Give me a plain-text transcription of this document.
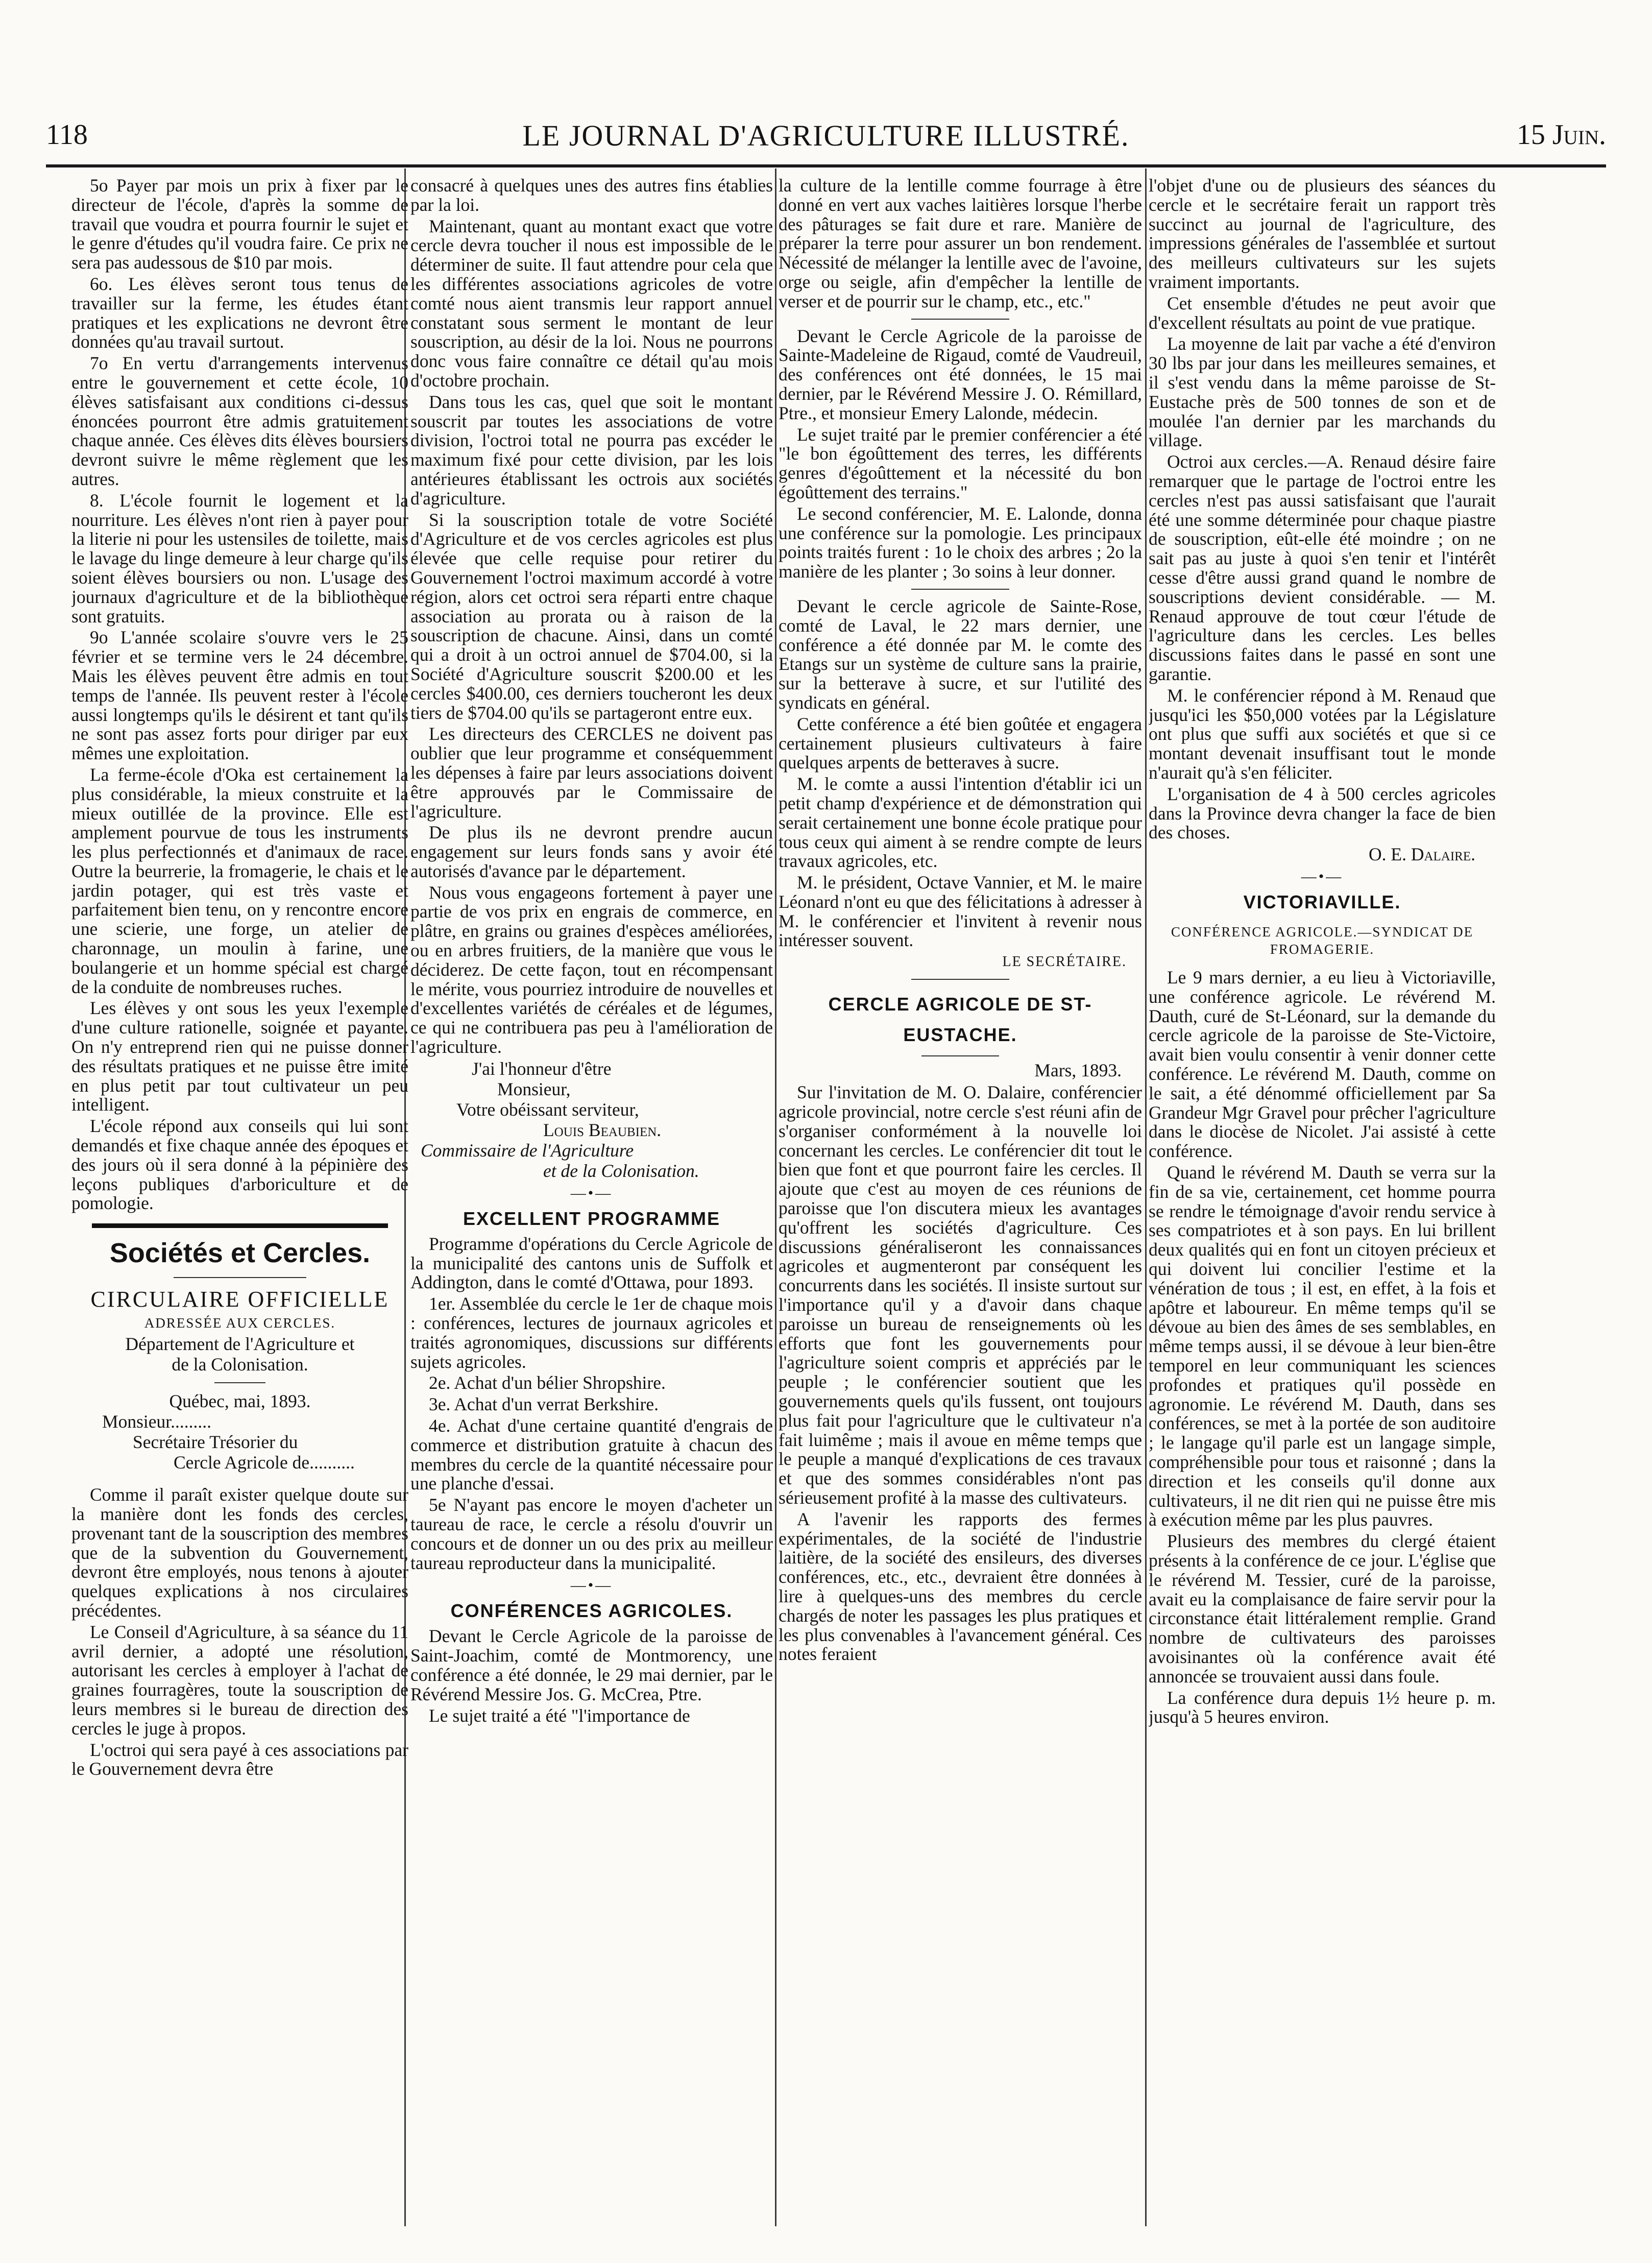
118	LE JOURNAL D'AGRICULTURE ILLUSTRÉ.	15 Juin.

5o Payer par mois un prix à fixer par le directeur de l'école, d'après la somme de travail que voudra et pourra fournir le sujet et le genre d'études qu'il voudra faire. Ce prix ne sera pas audessous de $10 par mois.

6o. Les élèves seront tous tenus de travailler sur la ferme, les études étant pratiques et les explications ne devront être données qu'au travail surtout.

7o En vertu d'arrangements intervenus entre le gouvernement et cette école, 10 élèves satisfaisant aux conditions ci-dessus énoncées pourront être admis gratuitement chaque année. Ces élèves dits élèves boursiers devront suivre le même règlement que les autres.

8. L'école fournit le logement et la nourriture. Les élèves n'ont rien à payer pour la literie ni pour les ustensiles de toilette, mais le lavage du linge demeure à leur charge qu'ils soient élèves boursiers ou non. L'usage des journaux d'agriculture et de la bibliothèque sont gratuits.

9o L'année scolaire s'ouvre vers le 25 février et se termine vers le 24 décembre. Mais les élèves peuvent être admis en tout temps de l'année. Ils peuvent rester à l'école aussi longtemps qu'ils le désirent et tant qu'ils ne sont pas assez forts pour diriger par eux mêmes une exploitation.

La ferme-école d'Oka est certainement la plus considérable, la mieux construite et la mieux outillée de la province. Elle est amplement pourvue de tous les instruments les plus perfectionnés et d'animaux de race. Outre la beurrerie, la fromagerie, le chais et le jardin potager, qui est très vaste et parfaitement bien tenu, on y rencontre encore une scierie, une forge, un atelier de charonnage, un moulin à farine, une boulangerie et un homme spécial est chargé de la conduite de nombreuses ruches.

Les élèves y ont sous les yeux l'exemple d'une culture rationelle, soignée et payante. On n'y entreprend rien qui ne puisse donner des résultats pratiques et ne puisse être imité en plus petit par tout cultivateur un peu intelligent.

L'école répond aux conseils qui lui sont demandés et fixe chaque année des époques et des jours où il sera donné à la pépinière des leçons publiques d'arboriculture et de pomologie.

Sociétés et Cercles.
CIRCULAIRE OFFICIELLE
ADRESSÉE AUX CERCLES.
Département de l'Agriculture et
de la Colonisation.
Québec, mai, 1893.
Monsieur.........
Secrétaire Trésorier du
Cercle Agricole de..........

Comme il paraît exister quelque doute sur la manière dont les fonds des cercles, provenant tant de la souscription des membres que de la subvention du Gouvernement, devront être employés, nous tenons à ajouter quelques explications à nos circulaires précédentes.

Le Conseil d'Agriculture, à sa séance du 11 avril dernier, a adopté une résolution, autorisant les cercles à employer à l'achat de graines fourragères, toute la souscription de leurs membres si le bureau de direction des cercles le juge à propos.

L'octroi qui sera payé à ces associations par le Gouvernement devra être

consacré à quelques unes des autres fins établies par la loi.

Maintenant, quant au montant exact que votre cercle devra toucher il nous est impossible de le déterminer de suite. Il faut attendre pour cela que les différentes associations agricoles de votre comté nous aient transmis leur rapport annuel constatant sous serment le montant de leur souscription, au désir de la loi. Nous ne pourrons donc vous faire connaître ce détail qu'au mois d'octobre prochain.

Dans tous les cas, quel que soit le montant souscrit par toutes les associations de votre division, l'octroi total ne pourra pas excéder le maximum fixé pour cette division, par les lois antérieures établissant les octrois aux sociétés d'agriculture.

Si la souscription totale de votre Société d'Agriculture et de vos cercles agricoles est plus élevée que celle requise pour retirer du Gouvernement l'octroi maximum accordé à votre région, alors cet octroi sera réparti entre chaque association au prorata ou à raison de la souscription de chacune. Ainsi, dans un comté qui a droit à un octroi annuel de $704.00, si la Société d'Agriculture souscrit $200.00 et les cercles $400.00, ces derniers toucheront les deux tiers de $704.00 qu'ils se partageront entre eux.

Les directeurs des CERCLES ne doivent pas oublier que leur programme et conséquemment les dépenses à faire par leurs associations doivent être approuvés par le Commissaire de l'agriculture.

De plus ils ne devront prendre aucun engagement sur leurs fonds sans y avoir été autorisés d'avance par le département.

Nous vous engageons fortement à payer une partie de vos prix en engrais de commerce, en plâtre, en grains ou graines d'espèces améliorées, ou en arbres fruitiers, de la manière que vous le déciderez. De cette façon, tout en récompensant le mérite, vous pourriez introduire de nouvelles et d'excellentes variétés de céréales et de légumes, ce qui ne contribuera pas peu à l'amélioration de l'agriculture.

J'ai l'honneur d'être
Monsieur,
Votre obéissant serviteur,
Louis Beaubien.
Commissaire de l'Agriculture
et de la Colonisation.
—•—
EXCELLENT PROGRAMME

Programme d'opérations du Cercle Agricole de la municipalité des cantons unis de Suffolk et Addington, dans le comté d'Ottawa, pour 1893.

1er. Assemblée du cercle le 1er de chaque mois : conférences, lectures de journaux agricoles et traités agronomiques, discussions sur différents sujets agricoles.

2e. Achat d'un bélier Shropshire.

3e. Achat d'un verrat Berkshire.

4e. Achat d'une certaine quantité d'engrais de commerce et distribution gratuite à chacun des membres du cercle de la quantité nécessaire pour une planche d'essai.

5e N'ayant pas encore le moyen d'acheter un taureau de race, le cercle a résolu d'ouvrir un concours et de donner un ou des prix au meilleur taureau reproducteur dans la municipalité.

—•—
CONFÉRENCES AGRICOLES.

Devant le Cercle Agricole de la paroisse de Saint-Joachim, comté de Montmorency, une conférence a été donnée, le 29 mai dernier, par le Révérend Messire Jos. G. McCrea, Ptre.

Le sujet traité a été "l'importance de

la culture de la lentille comme fourrage à être donné en vert aux vaches laitières lorsque l'herbe des pâturages se fait dure et rare. Manière de préparer la terre pour assurer un bon rendement. Nécessité de mélanger la lentille avec de l'avoine, orge ou seigle, afin d'empêcher la lentille de verser et de pourrir sur le champ, etc., etc."

Devant le Cercle Agricole de la paroisse de Sainte-Madeleine de Rigaud, comté de Vaudreuil, des conférences ont été données, le 15 mai dernier, par le Révérend Messire J. O. Rémillard, Ptre., et monsieur Emery Lalonde, médecin.

Le sujet traité par le premier conférencier a été "le bon égoûttement des terres, les différents genres d'égoûttement et la nécessité du bon égoûttement des terrains."

Le second conférencier, M. E. Lalonde, donna une conférence sur la pomologie. Les principaux points traités furent : 1o le choix des arbres ; 2o la manière de les planter ; 3o soins à leur donner.

Devant le cercle agricole de Sainte-Rose, comté de Laval, le 22 mars dernier, une conférence a été donnée par M. le comte des Etangs sur un système de culture sans la prairie, sur la betterave à sucre, et sur l'utilité des syndicats en général.

Cette conférence a été bien goûtée et engagera certainement plusieurs cultivateurs à faire quelques arpents de betteraves à sucre.

M. le comte a aussi l'intention d'établir ici un petit champ d'expérience et de démonstration qui serait certainement une bonne école pratique pour tous ceux qui aiment à se rendre compte de leurs travaux agricoles, etc.

M. le président, Octave Vannier, et M. le maire Léonard n'ont eu que des félicitations à adresser à M. le conférencier et l'invitent à revenir nous intéresser souvent.

LE SECRÉTAIRE.
CERCLE AGRICOLE DE ST-EUSTACHE.
Mars, 1893.

Sur l'invitation de M. O. Dalaire, conférencier agricole provincial, notre cercle s'est réuni afin de s'organiser conformément à la nouvelle loi concernant les cercles. Le conférencier dit tout le bien que font et que pourront faire les cercles. Il ajoute que c'est au moyen de ces réunions de paroisse que l'on discutera mieux les avantages qu'offrent les sociétés d'agriculture. Ces discussions généraliseront les connaissances agricoles et augmenteront par conséquent les concurrents dans les sociétés. Il insiste surtout sur l'importance qu'il y a d'avoir dans chaque paroisse un bureau de renseignements où les efforts que font les gouvernements pour l'agriculture soient compris et appréciés par le peuple ; le conférencier soutient que les gouvernements quels qu'ils fussent, ont toujours plus fait pour l'agriculture que le cultivateur n'a fait luimême ; mais il avoue en même temps que le peuple a manqué d'explications de ces travaux et que des sommes considérables n'ont pas sérieusement profité à la masse des cultivateurs.

A l'avenir les rapports des fermes expérimentales, de la société de l'industrie laitière, de la société des ensileurs, des diverses conférences, etc., etc., devraient être données à lire à quelques-uns des membres du cercle chargés de noter les passages les plus pratiques et les plus convenables à l'avancement général. Ces notes feraient

l'objet d'une ou de plusieurs des séances du cercle et le secrétaire ferait un rapport très succinct au journal de l'agriculture, des impressions générales de l'assemblée et surtout des meilleurs cultivateurs sur les sujets vraiment importants.

Cet ensemble d'études ne peut avoir que d'excellent résultats au point de vue pratique.

La moyenne de lait par vache a été d'environ 30 lbs par jour dans les meilleures semaines, et il s'est vendu dans la même paroisse de St-Eustache près de 500 tonnes de son et de moulée l'an dernier par les marchands du village.

Octroi aux cercles.—A. Renaud désire faire remarquer que le partage de l'octroi entre les cercles n'est pas aussi satisfaisant que l'aurait été une somme déterminée pour chaque piastre de souscription, eût-elle été moindre ; on ne sait pas au juste à quoi s'en tenir et l'intérêt cesse d'être aussi grand quand le nombre de souscriptions devient considérable. — M. Renaud approuve de tout cœur l'étude de l'agriculture dans les cercles. Les belles discussions faites dans le passé en sont une garantie.

M. le conférencier répond à M. Renaud que jusqu'ici les $50,000 votées par la Législature ont plus que suffi aux sociétés et que si ce montant devenait insuffisant tout le monde n'aurait qu'à s'en féliciter.

L'organisation de 4 à 500 cercles agricoles dans la Province devra changer la face de bien des choses.

O. E. Dalaire.
—•—
VICTORIAVILLE.
CONFÉRENCE AGRICOLE.—SYNDICAT DE FROMAGERIE.

Le 9 mars dernier, a eu lieu à Victoriaville, une conférence agricole. Le révérend M. Dauth, curé de St-Léonard, sur la demande du cercle agricole de la paroisse de Ste-Victoire, avait bien voulu consentir à venir donner cette conférence. Le révérend M. Dauth, comme on le sait, a été dénommé officiellement par Sa Grandeur Mgr Gravel pour prêcher l'agriculture dans le diocèse de Nicolet. J'ai assisté à cette conférence.

Quand le révérend M. Dauth se verra sur la fin de sa vie, certainement, cet homme pourra se rendre le témoignage d'avoir rendu service à ses compatriotes et à son pays. En lui brillent deux qualités qui en font un citoyen précieux et qui doivent lui concilier l'estime et la vénération de tous ; il est, en effet, à la fois et apôtre et laboureur. En même temps qu'il se dévoue au bien des âmes de ses semblables, en même temps aussi, il se dévoue à leur bien-être temporel en leur communiquant les sciences profondes et pratiques qu'il possède en agronomie. Le révérend M. Dauth, dans ses conférences, se met à la portée de son auditoire ; le langage qu'il parle est un langage simple, compréhensible pour tous et raisonné ; dans la direction et les conseils qu'il donne aux cultivateurs, il ne dit rien qui ne puisse être mis à exécution même par les plus pauvres.

Plusieurs des membres du clergé étaient présents à la conférence de ce jour. L'église que le révérend M. Tessier, curé de la paroisse, avait eu la complaisance de faire servir pour la circonstance était littéralement remplie. Grand nombre de cultivateurs des paroisses avoisinantes où la conférence avait été annoncée se trouvaient aussi dans foule.

La conférence dura depuis 1½ heure p. m. jusqu'à 5 heures environ.
